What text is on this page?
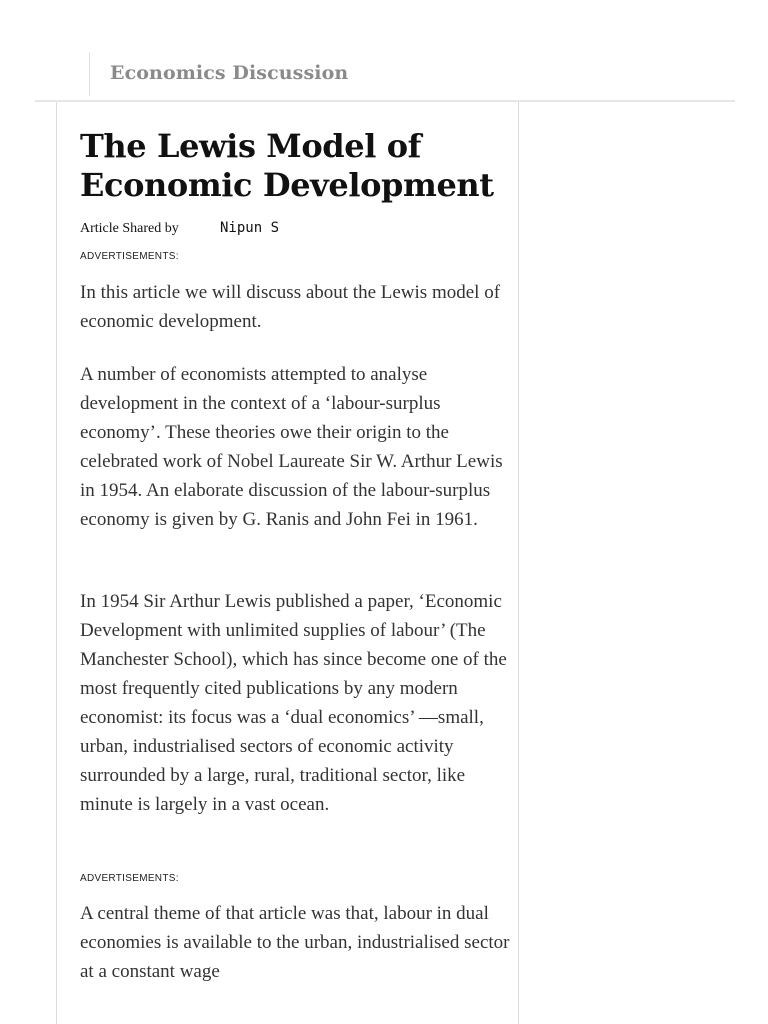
Economics Discussion
The Lewis Model of Economic Development
Article Shared by	Nipun S
ADVERTISEMENTS:

In this article we will discuss about the Lewis model of economic development.

A number of economists attempted to analyse development in the context of a ‘labour-surplus economy’. These theories owe their origin to the celebrated work of Nobel Laureate Sir W. Arthur Lewis in 1954. An elaborate discussion of the labour-surplus economy is given by G. Ranis and John Fei in 1961.

In 1954 Sir Arthur Lewis published a paper, ‘Economic Development with unlimited supplies of labour’ (The Manchester School), which has since become one of the most frequently cited publications by any modern economist: its focus was a ‘dual economics’ —small, urban, industrialised sectors of economic activity surrounded by a large, rural, traditional sector, like minute is largely in a vast ocean.

ADVERTISEMENTS:

A central theme of that article was that, labour in dual economies is available to the urban, industrialised sector at a constant wage
